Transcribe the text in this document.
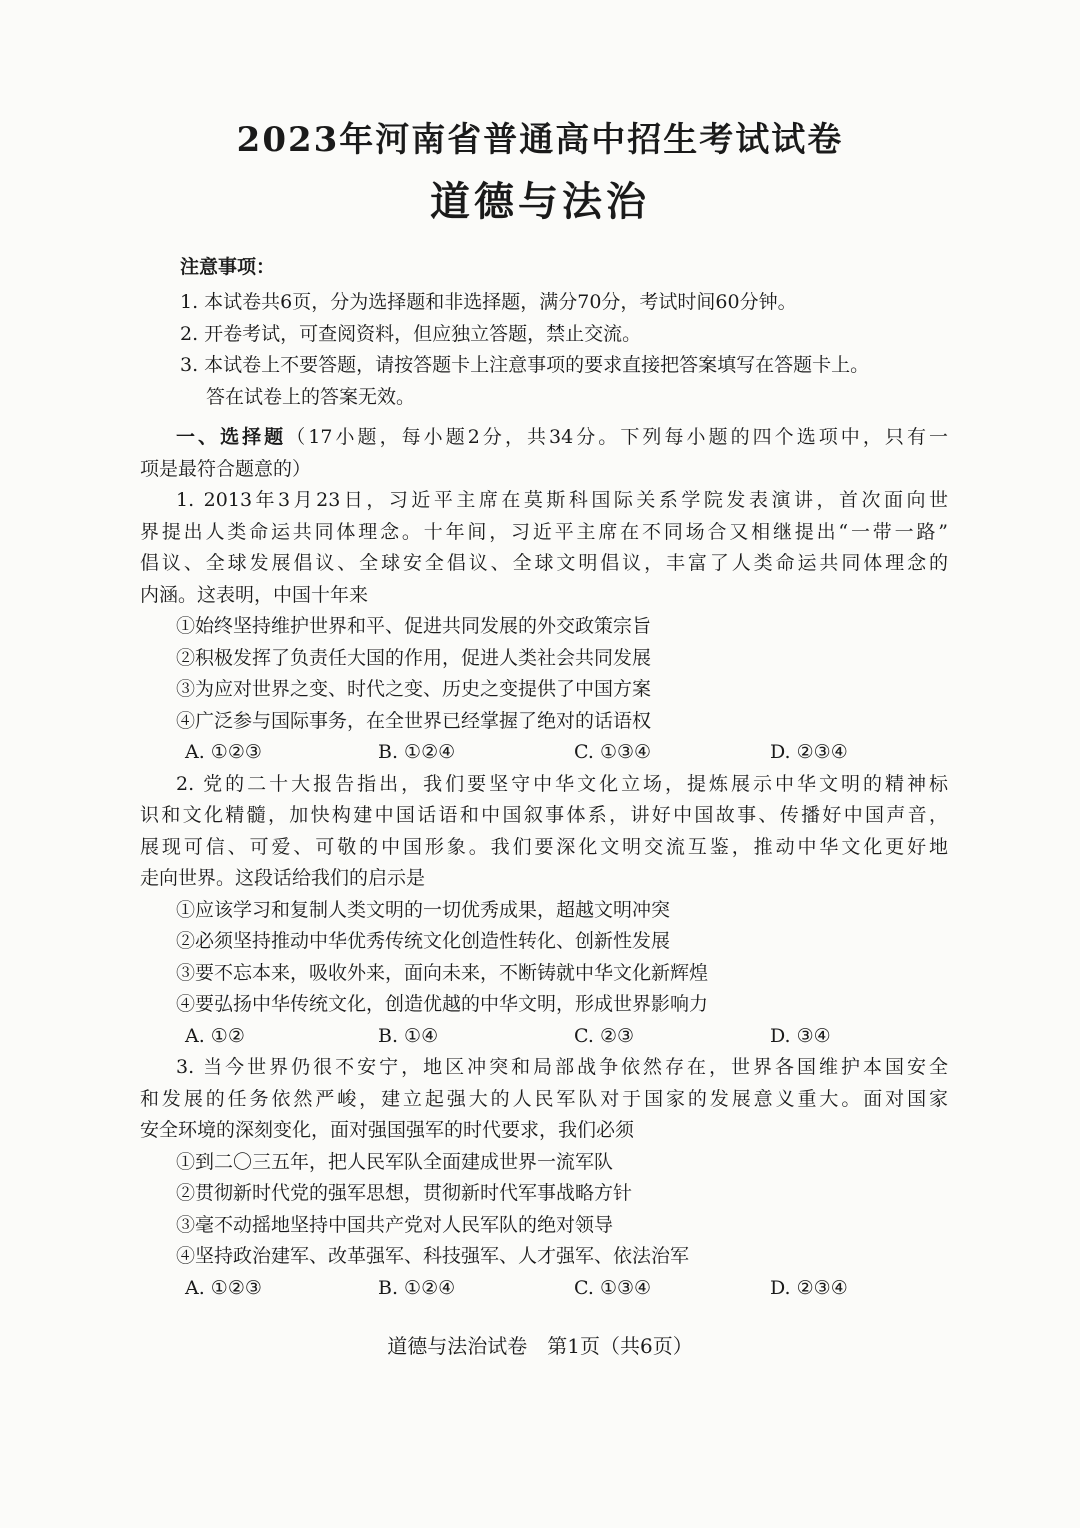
2023年河南省普通高中招生考试试卷
道德与法治
注意事项：
1. 本试卷共6页，分为选择题和非选择题，满分70分，考试时间60分钟。
2. 开卷考试，可查阅资料，但应独立答题，禁止交流。
3. 本试卷上不要答题，请按答题卡上注意事项的要求直接把答案填写在答题卡上。
答在试卷上的答案无效。
一、选择题（17小题，每小题2分，共34分。下列每小题的四个选项中，只有一
项是最符合题意的）
1. 2013年3月23日，习近平主席在莫斯科国际关系学院发表演讲，首次面向世
界提出人类命运共同体理念。十年间，习近平主席在不同场合又相继提出“一带一路”
倡议、全球发展倡议、全球安全倡议、全球文明倡议，丰富了人类命运共同体理念的
内涵。这表明，中国十年来
①始终坚持维护世界和平、促进共同发展的外交政策宗旨
②积极发挥了负责任大国的作用，促进人类社会共同发展
③为应对世界之变、时代之变、历史之变提供了中国方案
④广泛参与国际事务，在全世界已经掌握了绝对的话语权
A. ①②③	B. ①②④	C. ①③④	D. ②③④
2. 党的二十大报告指出，我们要坚守中华文化立场，提炼展示中华文明的精神标
识和文化精髓，加快构建中国话语和中国叙事体系，讲好中国故事、传播好中国声音，
展现可信、可爱、可敬的中国形象。我们要深化文明交流互鉴，推动中华文化更好地
走向世界。这段话给我们的启示是
①应该学习和复制人类文明的一切优秀成果，超越文明冲突
②必须坚持推动中华优秀传统文化创造性转化、创新性发展
③要不忘本来，吸收外来，面向未来，不断铸就中华文化新辉煌
④要弘扬中华传统文化，创造优越的中华文明，形成世界影响力
A. ①②	B. ①④	C. ②③	D. ③④
3. 当今世界仍很不安宁，地区冲突和局部战争依然存在，世界各国维护本国安全
和发展的任务依然严峻，建立起强大的人民军队对于国家的发展意义重大。面对国家
安全环境的深刻变化，面对强国强军的时代要求，我们必须
①到二〇三五年，把人民军队全面建成世界一流军队
②贯彻新时代党的强军思想，贯彻新时代军事战略方针
③毫不动摇地坚持中国共产党对人民军队的绝对领导
④坚持政治建军、改革强军、科技强军、人才强军、依法治军
A. ①②③	B. ①②④	C. ①③④	D. ②③④
道德与法治试卷　第1页（共6页）
